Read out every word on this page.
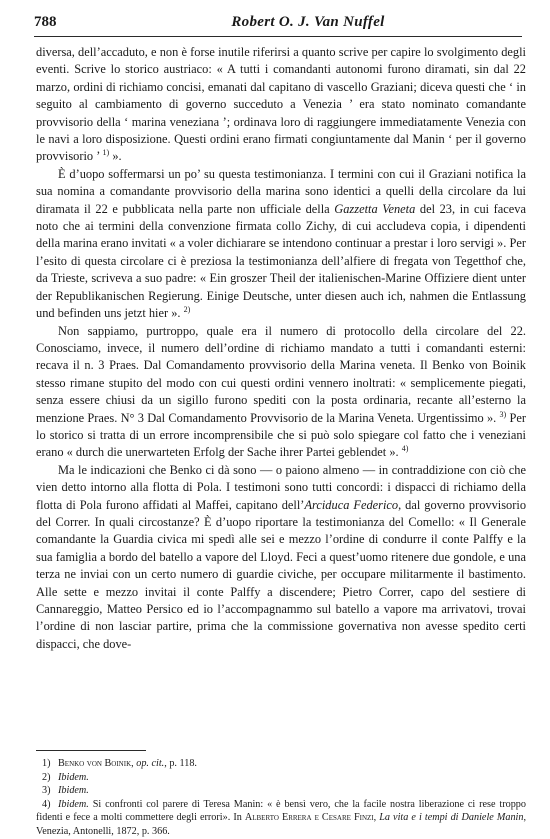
788	Robert O. J. Van Nuffel

diversa, dell’accaduto, e non è forse inutile riferirsi a quanto scrive per capire lo svolgimento degli eventi. Scrive lo storico austriaco: « A tutti i comandanti autonomi furono diramati, sin dal 22 marzo, ordini di richiamo concisi, emanati dal capitano di vascello Graziani; diceva questi che ‘ in seguito al cambiamento di governo succeduto a Venezia ’ era stato nominato comandante provvisorio della ‘ marina veneziana ’; ordinava loro di raggiungere immediatamente Venezia con le navi a loro disposizione. Questi ordini erano firmati congiuntamente dal Manin ‘ per il governo provvisorio ’ $^{1)}$ ».

È d’uopo soffermarsi un po’ su questa testimonianza. I termini con cui il Graziani notifica la sua nomina a comandante provvisorio della marina sono identici a quelli della circolare da lui diramata il 22 e pubblicata nella parte non ufficiale della Gazzetta Veneta del 23, in cui faceva noto che ai termini della convenzione firmata collo Zichy, di cui accludeva copia, i dipendenti della marina erano invitati « a voler dichiarare se intendono continuar a prestar i loro servigi ». Per l’esito di questa circolare ci è preziosa la testimonianza dell’alfiere di fregata von Tegetthof che, da Trieste, scriveva a suo padre: « Ein groszer Theil der italienischen-Marine Offiziere dient unter der Republikanischen Regierung. Einige Deutsche, unter diesen auch ich, nahmen die Entlassung und befinden uns jetzt hier ». $^{2)}$

Non sappiamo, purtroppo, quale era il numero di protocollo della circolare del 22. Conosciamo, invece, il numero dell’ordine di richiamo mandato a tutti i comandanti esterni: recava il n. 3 Praes. Dal Comandamento provvisorio della Marina veneta. Il Benko von Boinik stesso rimane stupito del modo con cui questi ordini vennero inoltrati: « semplicemente piegati, senza essere chiusi da un sigillo furono spediti con la posta ordinaria, recante all’esterno la menzione Praes. N° 3 Dal Comandamento Provvisorio de la Marina Veneta. Urgentissimo ». $^{3)}$ Per lo storico si tratta di un errore incomprensibile che si può solo spiegare col fatto che i veneziani erano « durch die unerwarteten Erfolg der Sache ihrer Partei geblendet ». $^{4)}$

Ma le indicazioni che Benko ci dà sono — o paiono almeno — in contraddizione con ciò che vien detto intorno alla flotta di Pola. I testimoni sono tutti concordi: i dispacci di richiamo della flotta di Pola furono affidati al Maffei, capitano dell’Arciduca Federico, dal governo provvisorio del Correr. In quali circostanze? È d’uopo riportare la testimonianza del Comello: « Il Generale comandante la Guardia civica mi spedì alle sei e mezzo l’ordine di condurre il conte Palffy e la sua famiglia a bordo del batello a vapore del Lloyd. Feci a quest’uomo ritenere due gondole, e una terza ne inviai con un certo numero di guardie civiche, per occupare militarmente il bastimento. Alle sette e mezzo invitai il conte Palffy a discendere; Pietro Correr, capo del sestiere di Cannareggio, Matteo Persico ed io l’accompagnammo sul batello a vapore ma arrivatovi, trovai l’ordine di non lasciar partire, prima che la commissione governativa non avesse spedito certi dispacci, che dove-

1) Benko von Boinik, op. cit., p. 118.

2) Ibidem.

3) Ibidem.

4) Ibidem. Si confronti col parere di Teresa Manin: « è bensì vero, che la facile nostra liberazione ci rese troppo fidenti e fece a molti commettere degli errori». In Alberto Errera e Cesare Finzi, La vita e i tempi di Daniele Manin, Venezia, Antonelli, 1872, p. 366.
